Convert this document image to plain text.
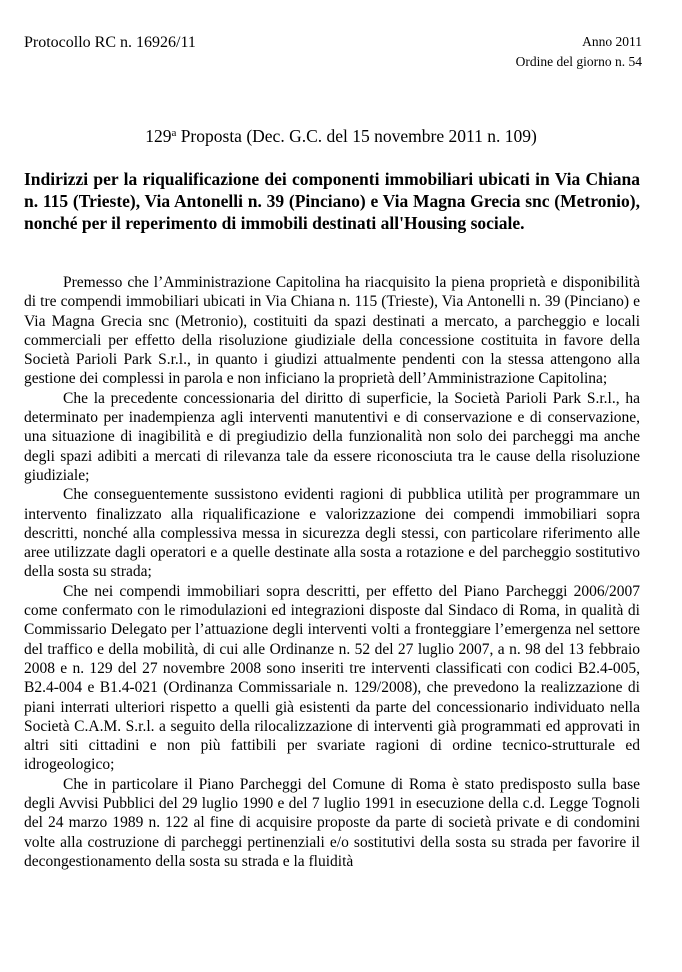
Protocollo RC n. 16926/11	Anno 2011
Ordine del giorno n. 54
129$^a$ Proposta (Dec. G.C. del 15 novembre 2011 n. 109)
Indirizzi per la riqualificazione dei componenti immobiliari ubicati in Via Chiana n. 115 (Trieste), Via Antonelli n. 39 (Pinciano) e Via Magna Grecia snc (Metronio), nonché per il reperimento di immobili destinati all'Housing sociale.

Premesso che l’Amministrazione Capitolina ha riacquisito la piena proprietà e disponibilità di tre compendi immobiliari ubicati in Via Chiana n. 115 (Trieste), Via Antonelli n. 39 (Pinciano) e Via Magna Grecia snc (Metronio), costituiti da spazi destinati a mercato, a parcheggio e locali commerciali per effetto della risoluzione giudiziale della concessione costituita in favore della Società Parioli Park S.r.l., in quanto i giudizi attualmente pendenti con la stessa attengono alla gestione dei complessi in parola e non inficiano la proprietà dell’Amministrazione Capitolina;

Che la precedente concessionaria del diritto di superficie, la Società Parioli Park S.r.l., ha determinato per inadempienza agli interventi manutentivi e di conservazione e di conservazione, una situazione di inagibilità e di pregiudizio della funzionalità non solo dei parcheggi ma anche degli spazi adibiti a mercati di rilevanza tale da essere riconosciuta tra le cause della risoluzione giudiziale;

Che conseguentemente sussistono evidenti ragioni di pubblica utilità per programmare un intervento finalizzato alla riqualificazione e valorizzazione dei compendi immobiliari sopra descritti, nonché alla complessiva messa in sicurezza degli stessi, con particolare riferimento alle aree utilizzate dagli operatori e a quelle destinate alla sosta a rotazione e del parcheggio sostitutivo della sosta su strada;

Che nei compendi immobiliari sopra descritti, per effetto del Piano Parcheggi 2006/2007 come confermato con le rimodulazioni ed integrazioni disposte dal Sindaco di Roma, in qualità di Commissario Delegato per l’attuazione degli interventi volti a fronteggiare l’emergenza nel settore del traffico e della mobilità, di cui alle Ordinanze n. 52 del 27 luglio 2007, a n. 98 del 13 febbraio 2008 e n. 129 del 27 novembre 2008 sono inseriti tre interventi classificati con codici B2.4-005, B2.4-004 e B1.4-021 (Ordinanza Commissariale n. 129/2008), che prevedono la realizzazione di piani interrati ulteriori rispetto a quelli già esistenti da parte del concessionario individuato nella Società C.A.M. S.r.l. a seguito della rilocalizzazione di interventi già programmati ed approvati in altri siti cittadini e non più fattibili per svariate ragioni di ordine tecnico-strutturale ed idrogeologico;

Che in particolare il Piano Parcheggi del Comune di Roma è stato predisposto sulla base degli Avvisi Pubblici del 29 luglio 1990 e del 7 luglio 1991 in esecuzione della c.d. Legge Tognoli del 24 marzo 1989 n. 122 al fine di acquisire proposte da parte di società private e di condomini volte alla costruzione di parcheggi pertinenziali e/o sostitutivi della sosta su strada per favorire il decongestionamento della sosta su strada e la fluidità
